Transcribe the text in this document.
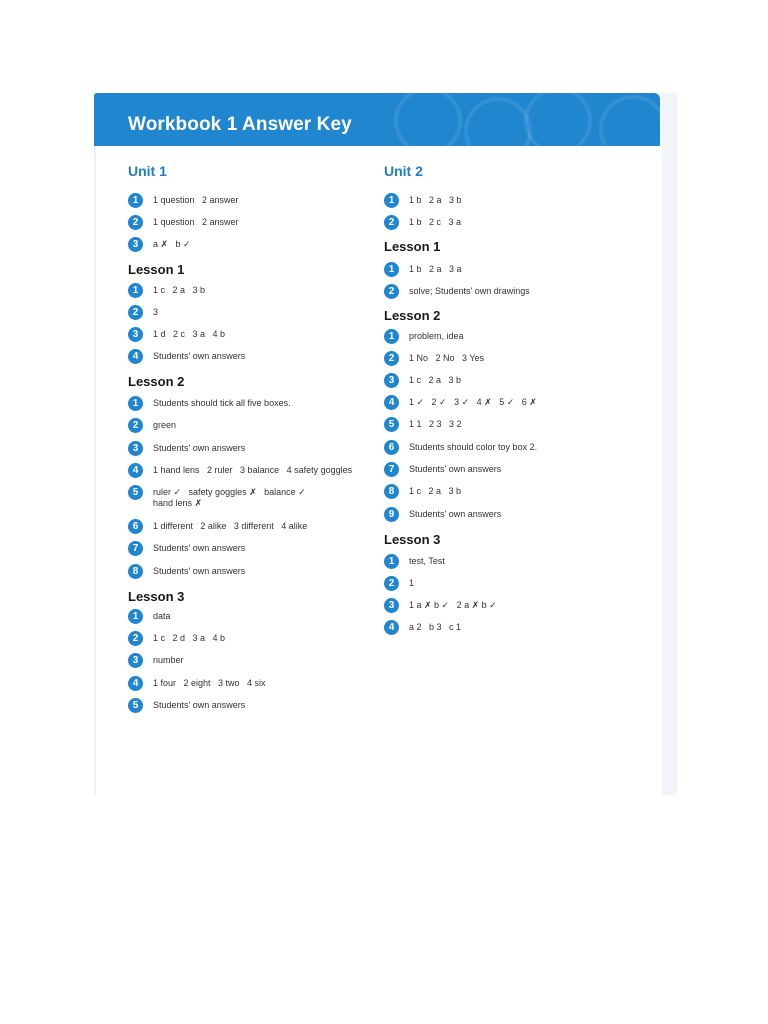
Workbook 1 Answer Key
Unit 1
1	1 question   2 answer
2	1 question   2 answer
3	a ✗   b ✓
Lesson 1
1	1 c   2 a   3 b
2	3
3	1 d   2 c   3 a   4 b
4	Students' own answers
Lesson 2
1	Students should tick all five boxes.
2	green
3	Students' own answers
4	1 hand lens   2 ruler   3 balance   4 safety goggles
5	ruler ✓   safety goggles ✗   balance ✓
hand lens ✗
6	1 different   2 alike   3 different   4 alike
7	Students' own answers
8	Students' own answers
Lesson 3
1	data
2	1 c   2 d   3 a   4 b
3	number
4	1 four   2 eight   3 two   4 six
5	Students' own answers
Unit 2
1	1 b   2 a   3 b
2	1 b   2 c   3 a
Lesson 1
1	1 b   2 a   3 a
2	solve; Students' own drawings
Lesson 2
1	problem, idea
2	1 No   2 No   3 Yes
3	1 c   2 a   3 b
4	1 ✓   2 ✓   3 ✓   4 ✗   5 ✓   6 ✗
5	1 1   2 3   3 2
6	Students should color toy box 2.
7	Students' own answers
8	1 c   2 a   3 b
9	Students' own answers
Lesson 3
1	test, Test
2	1
3	1 a ✗ b ✓   2 a ✗ b ✓
4	a 2   b 3   c 1
